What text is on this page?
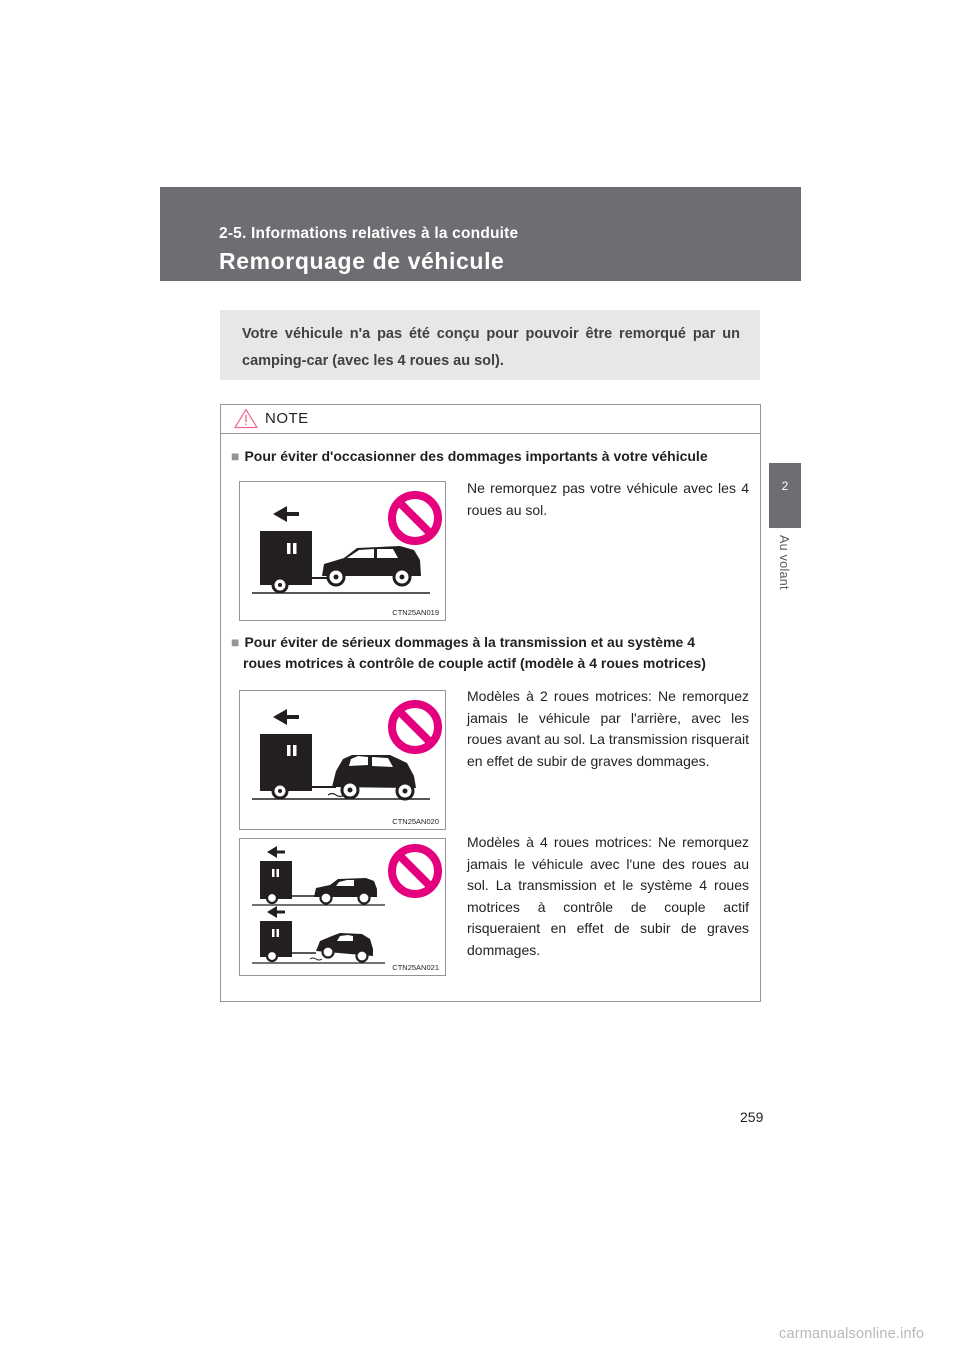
2-5. Informations relatives à la conduite
Remorquage de véhicule
2
Au volant

Votre véhicule n'a pas été conçu pour pouvoir être remorqué par un camping-car (avec les 4 roues au sol).

NOTE
■ Pour éviter d'occasionner des dommages importants à votre véhicule
CTN25AN019
Ne remorquez pas votre véhicule avec les 4 roues au sol.
■ Pour éviter de sérieux dommages à la transmission et au système 4
roues motrices à contrôle de couple actif (modèle à 4 roues motrices)
CTN25AN020
Modèles à 2 roues motrices: Ne remorquez jamais le véhicule par l'arrière, avec les roues avant au sol. La transmission risquerait en effet de subir de graves dommages.
CTN25AN021
Modèles à 4 roues motrices: Ne remorquez jamais le véhicule avec l'une des roues au sol. La transmission et le système 4 roues motrices à contrôle de couple actif risqueraient en effet de subir de graves dommages.
259
carmanualsonline.info
